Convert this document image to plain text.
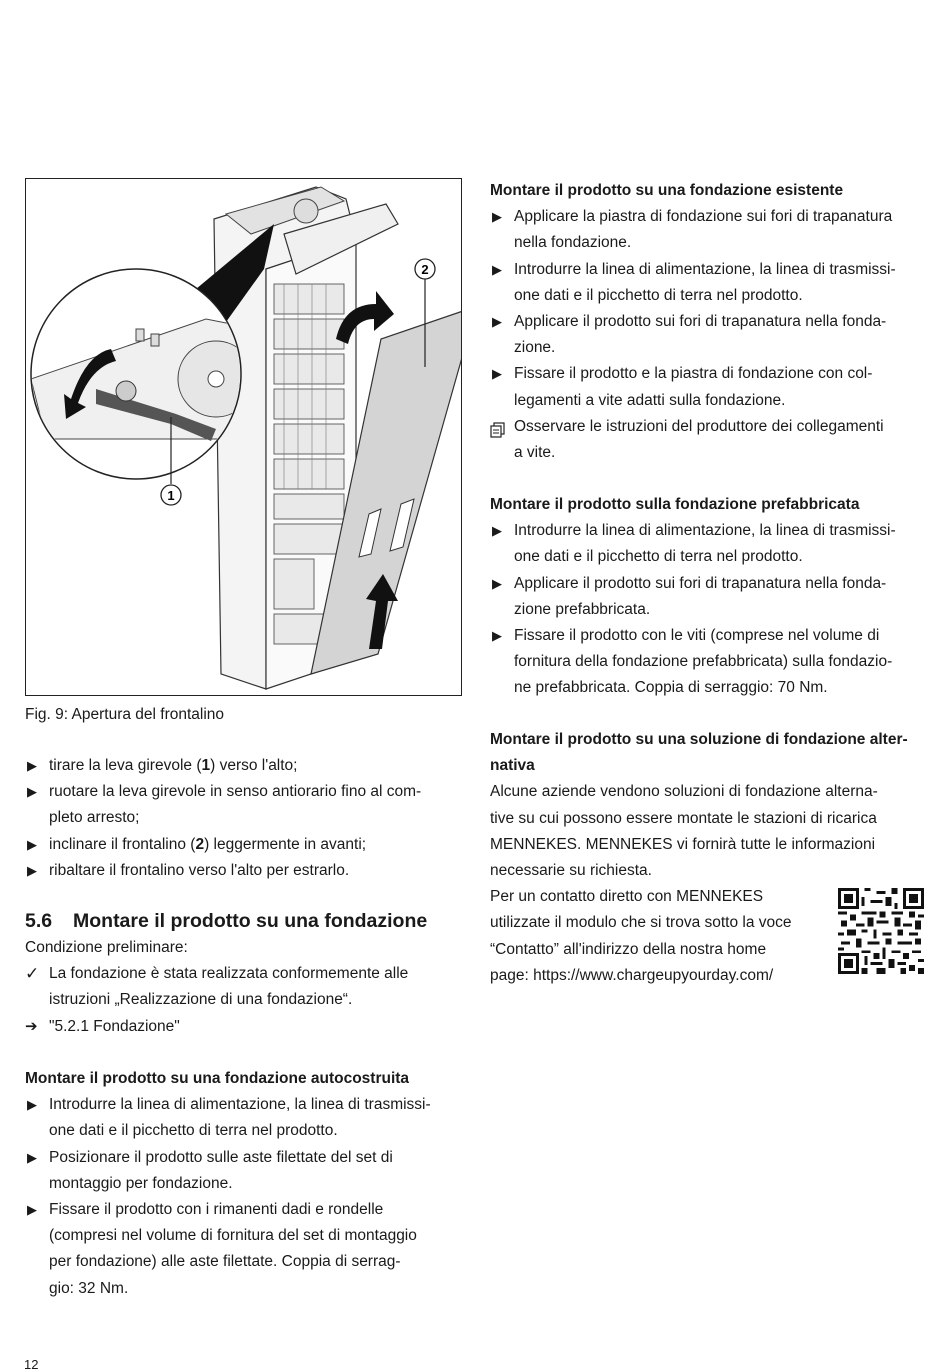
1
2
Fig. 9: Apertura del frontalino
▶ tirare la leva girevole (1) verso l'alto;
▶ ruotare la leva girevole in senso antiorario fino al com-
pleto arresto;
▶ inclinare il frontalino (2) leggermente in avanti;
▶ ribaltare il frontalino verso l'alto per estrarlo.
5.6 Montare il prodotto su una fondazione
Condizione preliminare:
✓ La fondazione è stata realizzata conformemente alle
istruzioni „Realizzazione di una fondazione“.
➔ "5.2.1 Fondazione"
Montare il prodotto su una fondazione autocostruita
▶ Introdurre la linea di alimentazione, la linea di trasmissi-
one dati e il picchetto di terra nel prodotto.
▶ Posizionare il prodotto sulle aste filettate del set di
montaggio per fondazione.
▶ Fissare il prodotto con i rimanenti dadi e rondelle
(compresi nel volume di fornitura del set di montaggio
per fondazione) alle aste filettate. Coppia di serrag-
gio: 32 Nm.
Montare il prodotto su una fondazione esistente
▶ Applicare la piastra di fondazione sui fori di trapanatura
nella fondazione.
▶ Introdurre la linea di alimentazione, la linea di trasmissi-
one dati e il picchetto di terra nel prodotto.
▶ Applicare il prodotto sui fori di trapanatura nella fonda-
zione.
▶ Fissare il prodotto e la piastra di fondazione con col-
legamenti a vite adatti sulla fondazione.
Osservare le istruzioni del produttore dei collegamenti
a vite.
Montare il prodotto sulla fondazione prefabbricata
▶ Introdurre la linea di alimentazione, la linea di trasmissi-
one dati e il picchetto di terra nel prodotto.
▶ Applicare il prodotto sui fori di trapanatura nella fonda-
zione prefabbricata.
▶ Fissare il prodotto con le viti (comprese nel volume di
fornitura della fondazione prefabbricata) sulla fondazio-
ne prefabbricata. Coppia di serraggio: 70 Nm.
Montare il prodotto su una soluzione di fondazione alter-
nativa
Alcune aziende vendono soluzioni di fondazione alterna-
tive su cui possono essere montate le stazioni di ricarica
MENNEKES. MENNEKES vi fornirà tutte le informazioni
necessarie su richiesta.
Per un contatto diretto con MENNEKES
utilizzate il modulo che si trova sotto la voce
“Contatto” all'indirizzo della nostra home
page: https://www.chargeupyourday.com/
12
